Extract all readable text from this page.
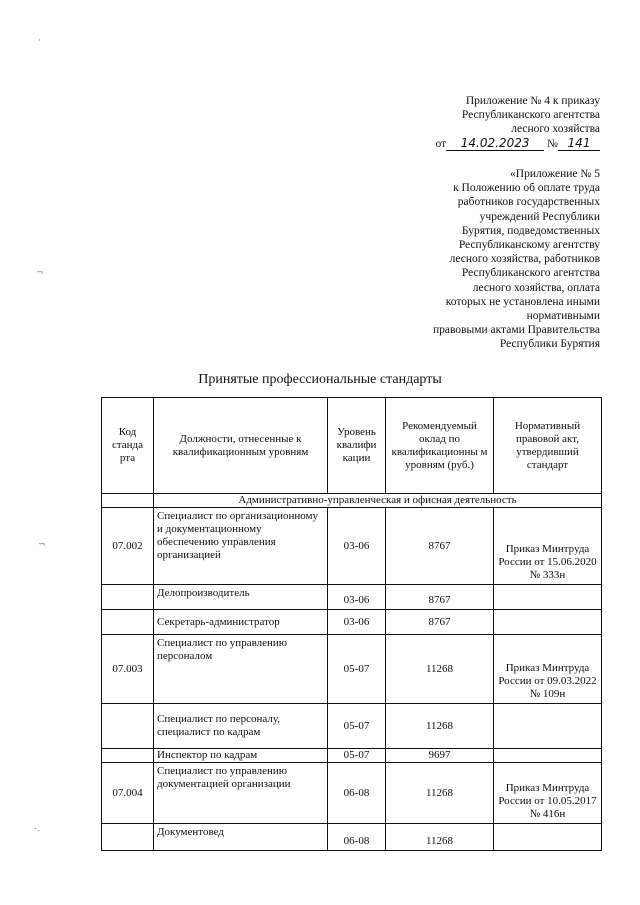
·
¬
¬
-.
Приложение № 4 к приказу
Республиканского агентства
лесного хозяйства
от 14.02.2023 № 141
«Приложение № 5
к Положению об оплате труда
работников государственных
учреждений Республики
Бурятия, подведомственных
Республиканскому агентству
лесного хозяйства, работников
Республиканского агентства
лесного хозяйства, оплата
которых не установлена иными
нормативными
правовыми актами Правительства
Республики Бурятия
Принятые профессиональные стандарты
Код станда рта	Должности, отнесенные к квалификационным уровням	Уровень квалифи кации	Рекомендуемый оклад по квалификационны м уровням (руб.)	Нормативный правовой акт, утвердивший стандарт
	Административно-управленческая и офисная деятельность			
07.002	Специалист по организационному и документационному обеспечению управления организацией	03-06	8767	Приказ Минтруда России от 15.06.2020 № 333н
	Делопроизводитель	03-06	8767	
	Секретарь-администратор	03-06	8767	
07.003	Специалист по управлению персоналом	05-07	11268	Приказ Минтруда России от 09.03.2022 № 109н
	Специалист по персоналу, специалист по кадрам	05-07	11268	
	Инспектор по кадрам	05-07	9697	
07.004	Специалист по управлению документацией организации	06-08	11268	Приказ Минтруда России от 10.05.2017 № 416н
	Документовед	06-08	11268	
